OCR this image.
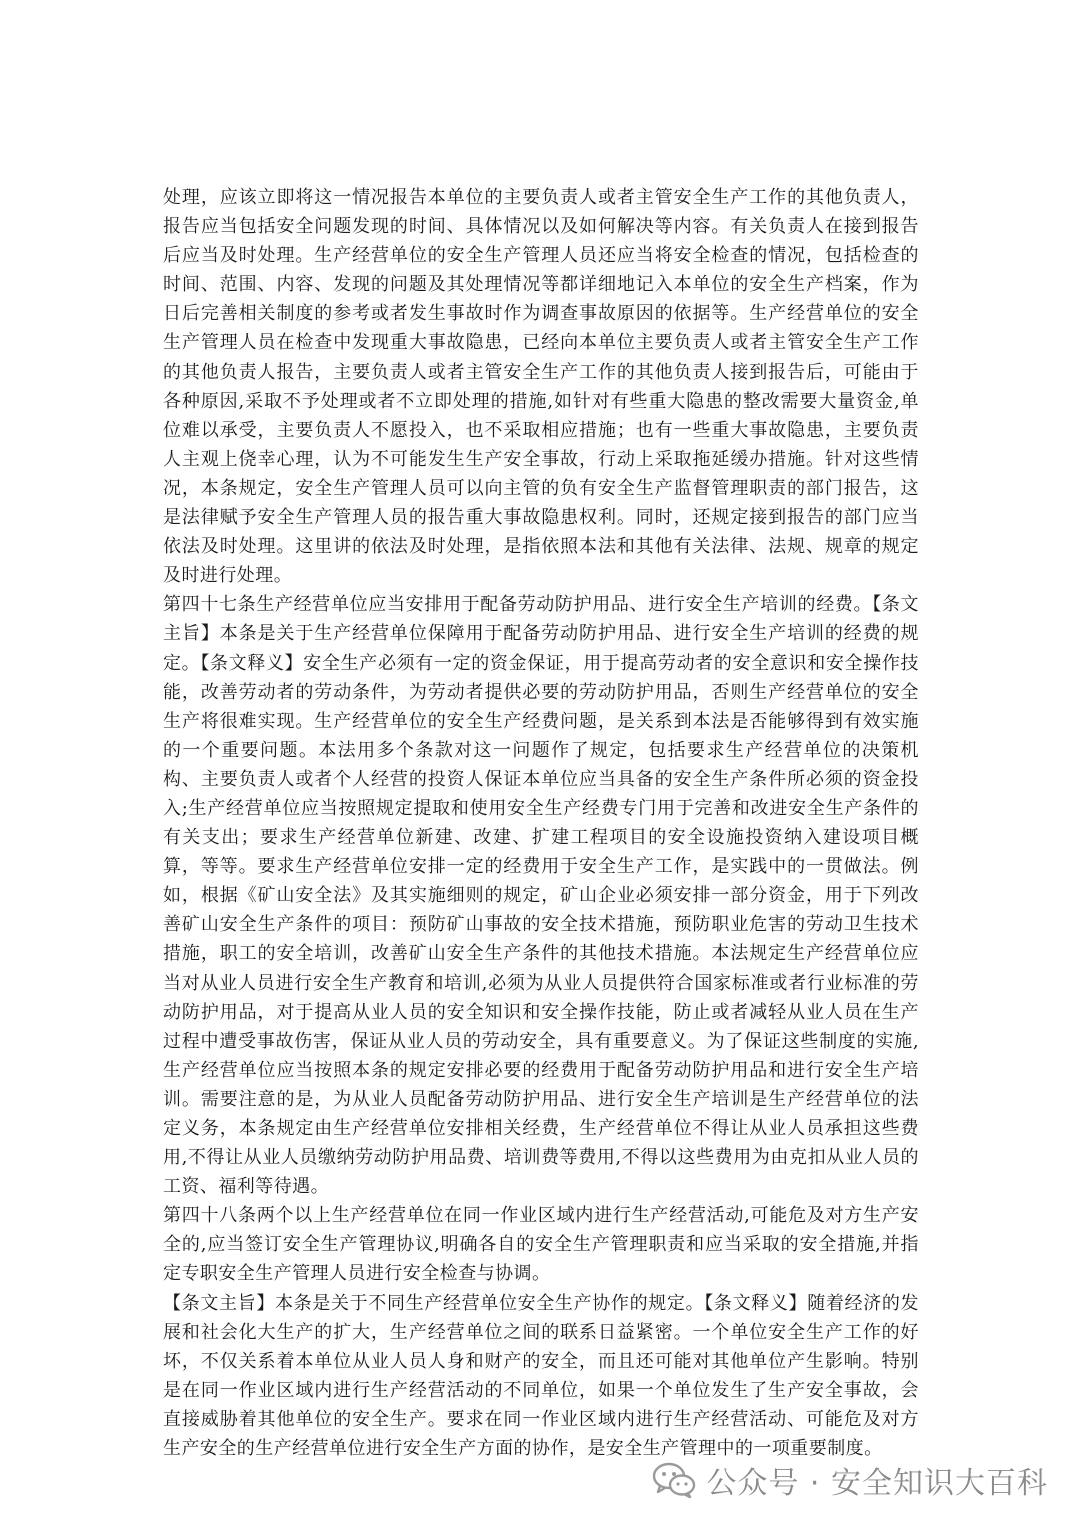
处理，应该立即将这一情况报告本单位的主要负责人或者主管安全生产工作的其他负责人，报告应当包括安全问题发现的时间、具体情况以及如何解决等内容。有关负责人在接到报告后应当及时处理。生产经营单位的安全生产管理人员还应当将安全检查的情况，包括检查的时间、范围、内容、发现的问题及其处理情况等都详细地记入本单位的安全生产档案，作为日后完善相关制度的参考或者发生事故时作为调查事故原因的依据等。生产经营单位的安全生产管理人员在检查中发现重大事故隐患，已经向本单位主要负责人或者主管安全生产工作的其他负责人报告，主要负责人或者主管安全生产工作的其他负责人接到报告后，可能由于各种原因,采取不予处理或者不立即处理的措施,如针对有些重大隐患的整改需要大量资金,单位难以承受，主要负责人不愿投入，也不采取相应措施；也有一些重大事故隐患，主要负责人主观上侥幸心理，认为不可能发生生产安全事故，行动上采取拖延缓办措施。针对这些情况，本条规定，安全生产管理人员可以向主管的负有安全生产监督管理职责的部门报告，这是法律赋予安全生产管理人员的报告重大事故隐患权利。同时，还规定接到报告的部门应当依法及时处理。这里讲的依法及时处理，是指依照本法和其他有关法律、法规、规章的规定及时进行处理。

第四十七条生产经营单位应当安排用于配备劳动防护用品、进行安全生产培训的经费。【条文主旨】本条是关于生产经营单位保障用于配备劳动防护用品、进行安全生产培训的经费的规定。【条文释义】安全生产必须有一定的资金保证，用于提高劳动者的安全意识和安全操作技能，改善劳动者的劳动条件，为劳动者提供必要的劳动防护用品，否则生产经营单位的安全生产将很难实现。生产经营单位的安全生产经费问题，是关系到本法是否能够得到有效实施的一个重要问题。本法用多个条款对这一问题作了规定，包括要求生产经营单位的决策机构、主要负责人或者个人经营的投资人保证本单位应当具备的安全生产条件所必须的资金投入;生产经营单位应当按照规定提取和使用安全生产经费专门用于完善和改进安全生产条件的有关支出；要求生产经营单位新建、改建、扩建工程项目的安全设施投资纳入建设项目概算，等等。要求生产经营单位安排一定的经费用于安全生产工作，是实践中的一贯做法。例如，根据《矿山安全法》及其实施细则的规定，矿山企业必须安排一部分资金，用于下列改善矿山安全生产条件的项目：预防矿山事故的安全技术措施，预防职业危害的劳动卫生技术措施，职工的安全培训，改善矿山安全生产条件的其他技术措施。本法规定生产经营单位应当对从业人员进行安全生产教育和培训,必须为从业人员提供符合国家标准或者行业标准的劳动防护用品，对于提高从业人员的安全知识和安全操作技能，防止或者减轻从业人员在生产过程中遭受事故伤害，保证从业人员的劳动安全，具有重要意义。为了保证这些制度的实施,生产经营单位应当按照本条的规定安排必要的经费用于配备劳动防护用品和进行安全生产培训。需要注意的是，为从业人员配备劳动防护用品、进行安全生产培训是生产经营单位的法定义务，本条规定由生产经营单位安排相关经费，生产经营单位不得让从业人员承担这些费用,不得让从业人员缴纳劳动防护用品费、培训费等费用,不得以这些费用为由克扣从业人员的工资、福利等待遇。

第四十八条两个以上生产经营单位在同一作业区域内进行生产经营活动,可能危及对方生产安全的,应当签订安全生产管理协议,明确各自的安全生产管理职责和应当采取的安全措施,并指定专职安全生产管理人员进行安全检查与协调。

【条文主旨】本条是关于不同生产经营单位安全生产协作的规定。【条文释义】随着经济的发展和社会化大生产的扩大，生产经营单位之间的联系日益紧密。一个单位安全生产工作的好坏，不仅关系着本单位从业人员人身和财产的安全，而且还可能对其他单位产生影响。特别是在同一作业区域内进行生产经营活动的不同单位，如果一个单位发生了生产安全事故，会直接威胁着其他单位的安全生产。要求在同一作业区域内进行生产经营活动、可能危及对方生产安全的生产经营单位进行安全生产方面的协作，是安全生产管理中的一项重要制度。

公众号 · 安全知识大百科
